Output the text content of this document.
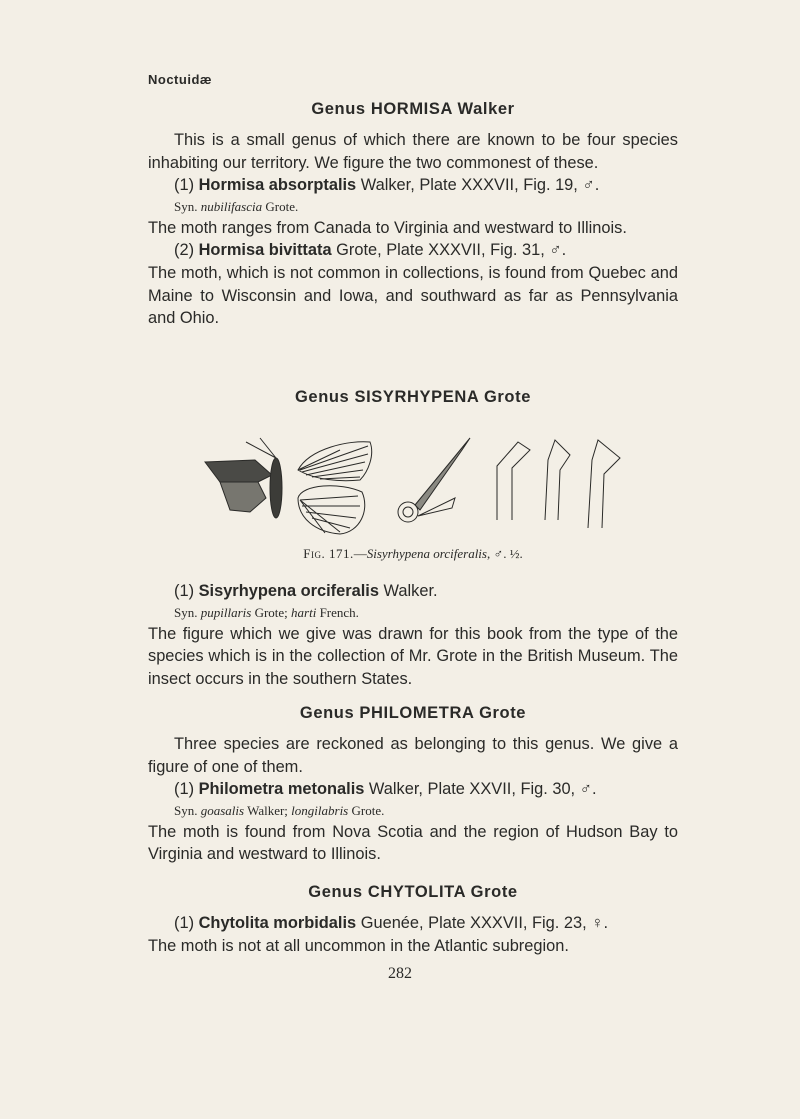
Noctuidæ
Genus HORMISA Walker

This is a small genus of which there are known to be four species inhabiting our territory. We figure the two commonest of these.

(1) Hormisa absorptalis Walker, Plate XXXVII, Fig. 19, ♂.

Syn. nubilifascia Grote.

The moth ranges from Canada to Virginia and westward to Illinois.

(2) Hormisa bivittata Grote, Plate XXXVII, Fig. 31, ♂.

The moth, which is not common in collections, is found from Quebec and Maine to Wisconsin and Iowa, and southward as far as Pennsylvania and Ohio.

Genus SISYRHYPENA Grote
Fig. 171.—Sisyrhypena orciferalis, ♂. ½.

(1) Sisyrhypena orciferalis Walker.

Syn. pupillaris Grote; harti French.

The figure which we give was drawn for this book from the type of the species which is in the collection of Mr. Grote in the British Museum. The insect occurs in the southern States.

Genus PHILOMETRA Grote

Three species are reckoned as belonging to this genus. We give a figure of one of them.

(1) Philometra metonalis Walker, Plate XXVII, Fig. 30, ♂.

Syn. goasalis Walker; longilabris Grote.

The moth is found from Nova Scotia and the region of Hudson Bay to Virginia and westward to Illinois.

Genus CHYTOLITA Grote

(1) Chytolita morbidalis Guenée, Plate XXXVII, Fig. 23, ♀.

The moth is not at all uncommon in the Atlantic subregion.

282
